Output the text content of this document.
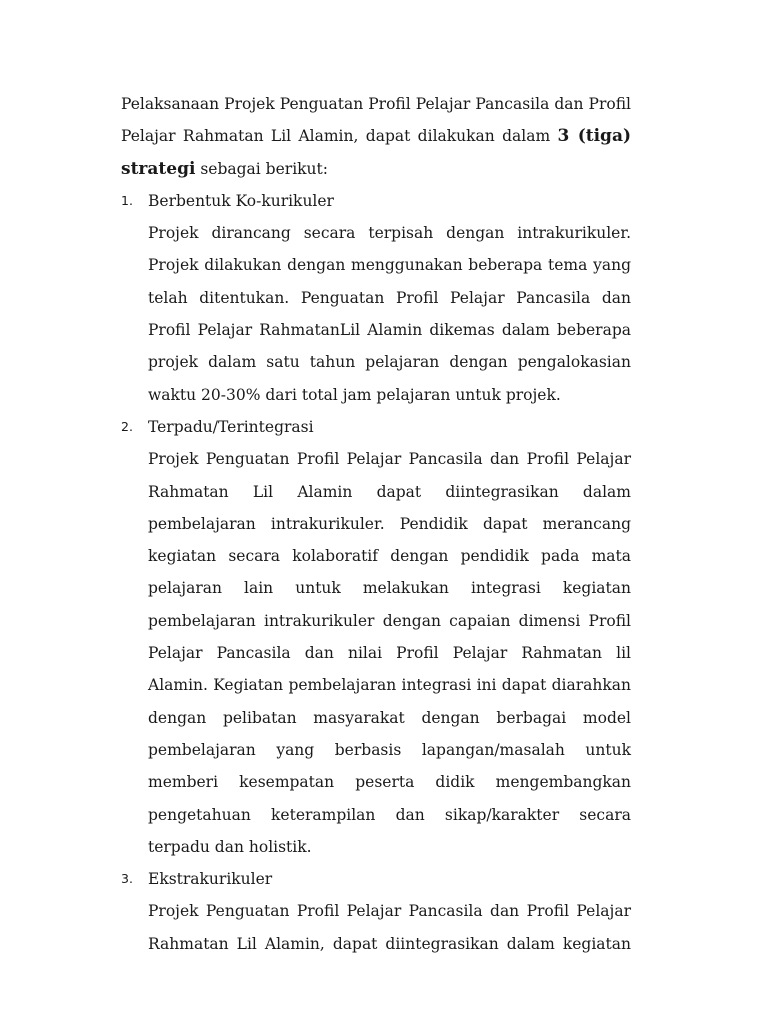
Pelaksanaan Projek Penguatan Profil Pelajar Pancasila dan Profil Pelajar Rahmatan Lil Alamin, dapat dilakukan dalam 3 (tiga) strategi sebagai berikut:

1. Berbentuk Ko-kurikuler
Projek dirancang secara terpisah dengan intrakurikuler. Projek dilakukan dengan menggunakan beberapa tema yang telah ditentukan. Penguatan Profil Pelajar Pancasila dan Profil Pelajar RahmatanLil Alamin dikemas dalam beberapa projek dalam satu tahun pelajaran dengan pengalokasian waktu 20-30% dari total jam pelajaran untuk projek.
2. Terpadu/Terintegrasi
Projek Penguatan Profil Pelajar Pancasila dan Profil Pelajar Rahmatan Lil Alamin dapat diintegrasikan dalam pembelajaran intrakurikuler. Pendidik dapat merancang kegiatan secara kolaboratif dengan pendidik pada mata pelajaran lain untuk melakukan integrasi kegiatan pembelajaran intrakurikuler dengan capaian dimensi Profil Pelajar Pancasila dan nilai Profil Pelajar Rahmatan lil Alamin. Kegiatan pembelajaran integrasi ini dapat diarahkan dengan pelibatan masyarakat dengan berbagai model pembelajaran yang berbasis lapangan/masalah untuk memberi kesempatan peserta didik mengembangkan pengetahuan keterampilan dan sikap/karakter secara terpadu dan holistik.
3. Ekstrakurikuler
Projek Penguatan Profil Pelajar Pancasila dan Profil Pelajar Rahmatan Lil Alamin, dapat diintegrasikan dalam kegiatan
